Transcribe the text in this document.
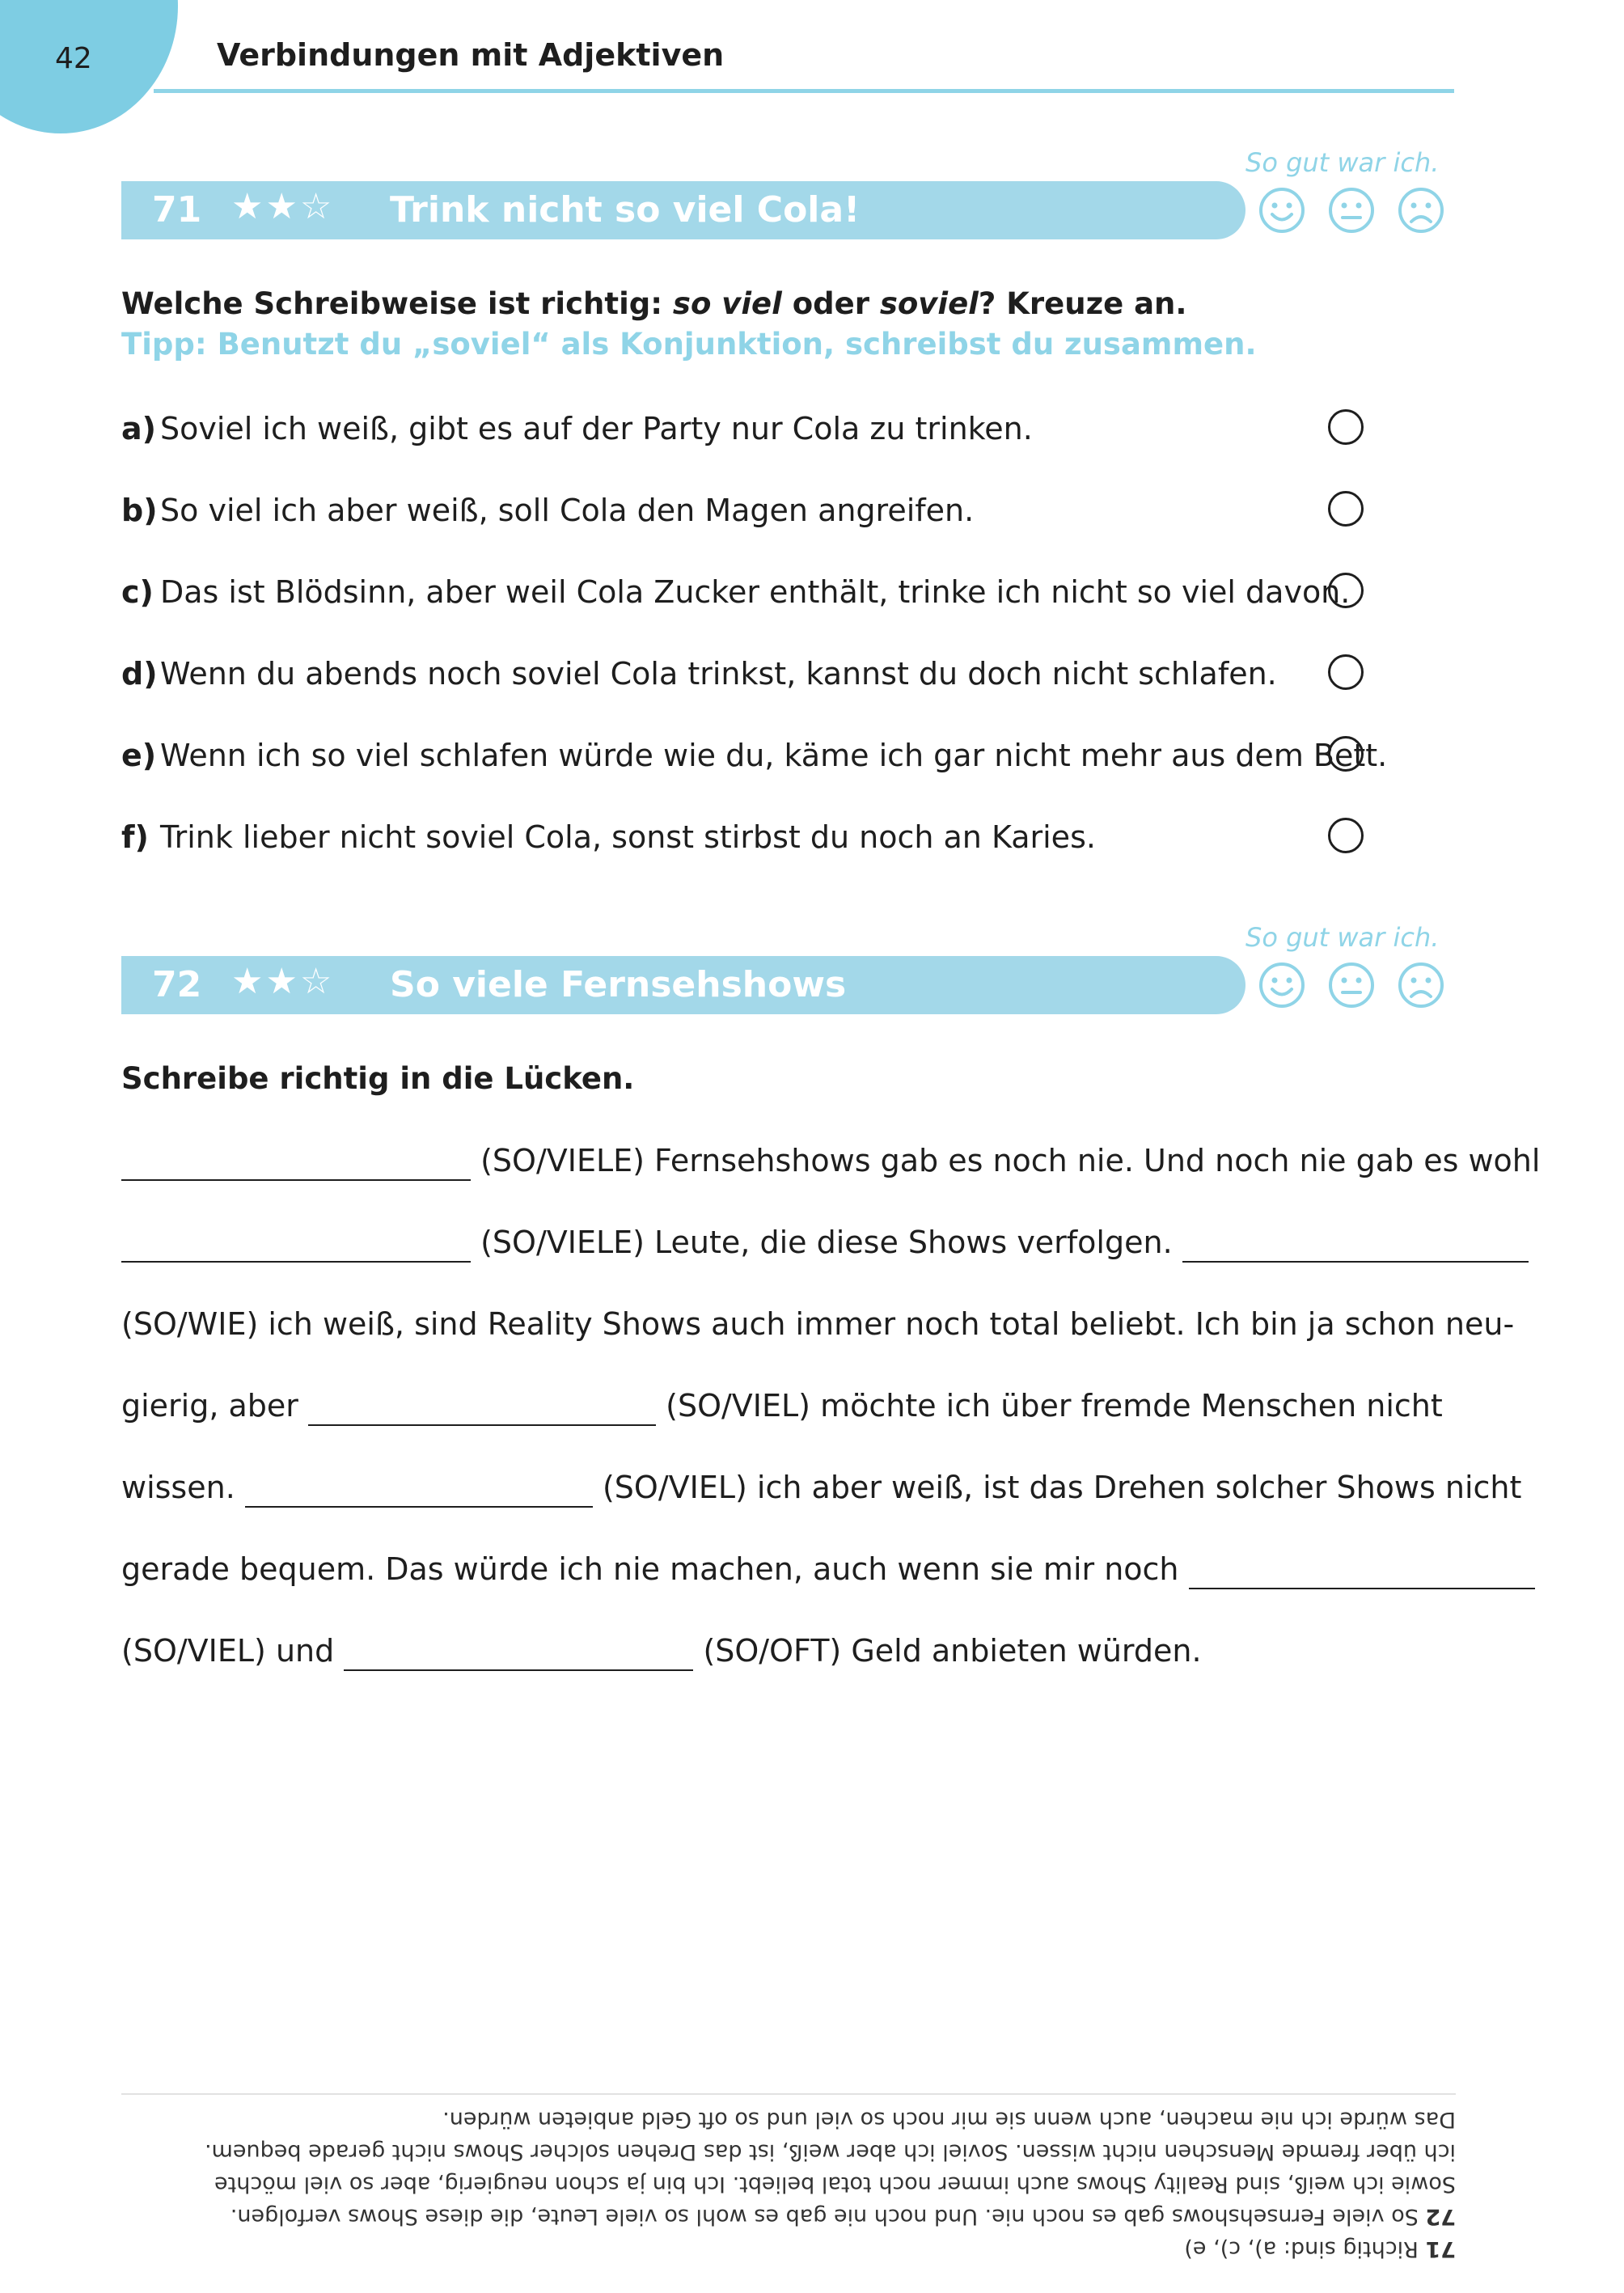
42	Verbindungen mit Adjektiven
So gut war ich.
71 ★★☆ Trink nicht so viel Cola!
Welche Schreibweise ist richtig: so viel oder soviel? Kreuze an.
Tipp: Benutzt du „soviel“ als Konjunktion, schreibst du zusammen.
a) Soviel ich weiß, gibt es auf der Party nur Cola zu trinken.
b) So viel ich aber weiß, soll Cola den Magen angreifen.
c) Das ist Blödsinn, aber weil Cola Zucker enthält, trinke ich nicht so viel davon.
d) Wenn du abends noch soviel Cola trinkst, kannst du doch nicht schlafen.
e) Wenn ich so viel schlafen würde wie du, käme ich gar nicht mehr aus dem Bett.
f) Trink lieber nicht soviel Cola, sonst stirbst du noch an Karies.
So gut war ich.
72 ★★☆ So viele Fernsehshows
Schreibe richtig in die Lücken.
(SO/VIELE) Fernsehshows gab es noch nie. Und noch nie gab es wohl
(SO/VIELE) Leute, die diese Shows verfolgen.
(SO/WIE) ich weiß, sind Reality Shows auch immer noch total beliebt. Ich bin ja schon neu-
gierig, aber	(SO/VIEL) möchte ich über fremde Menschen nicht
wissen.	(SO/VIEL) ich aber weiß, ist das Drehen solcher Shows nicht
gerade bequem. Das würde ich nie machen, auch wenn sie mir noch
(SO/VIEL) und	(SO/OFT) Geld anbieten würden.

71 Richtig sind: a), c), e)

72 So viele Fernsehshows gab es noch nie. Und noch nie gab es wohl so viele Leute, die diese Shows verfolgen.

Sowie ich weiß, sind Reality Shows auch immer noch total beliebt. Ich bin ja schon neugierig, aber so viel möchte

ich über fremde Menschen nicht wissen. Soviel ich aber weiß, ist das Drehen solcher Shows nicht gerade bequem.

Das würde ich nie machen, auch wenn sie mir noch so viel und so oft Geld anbieten würden.
